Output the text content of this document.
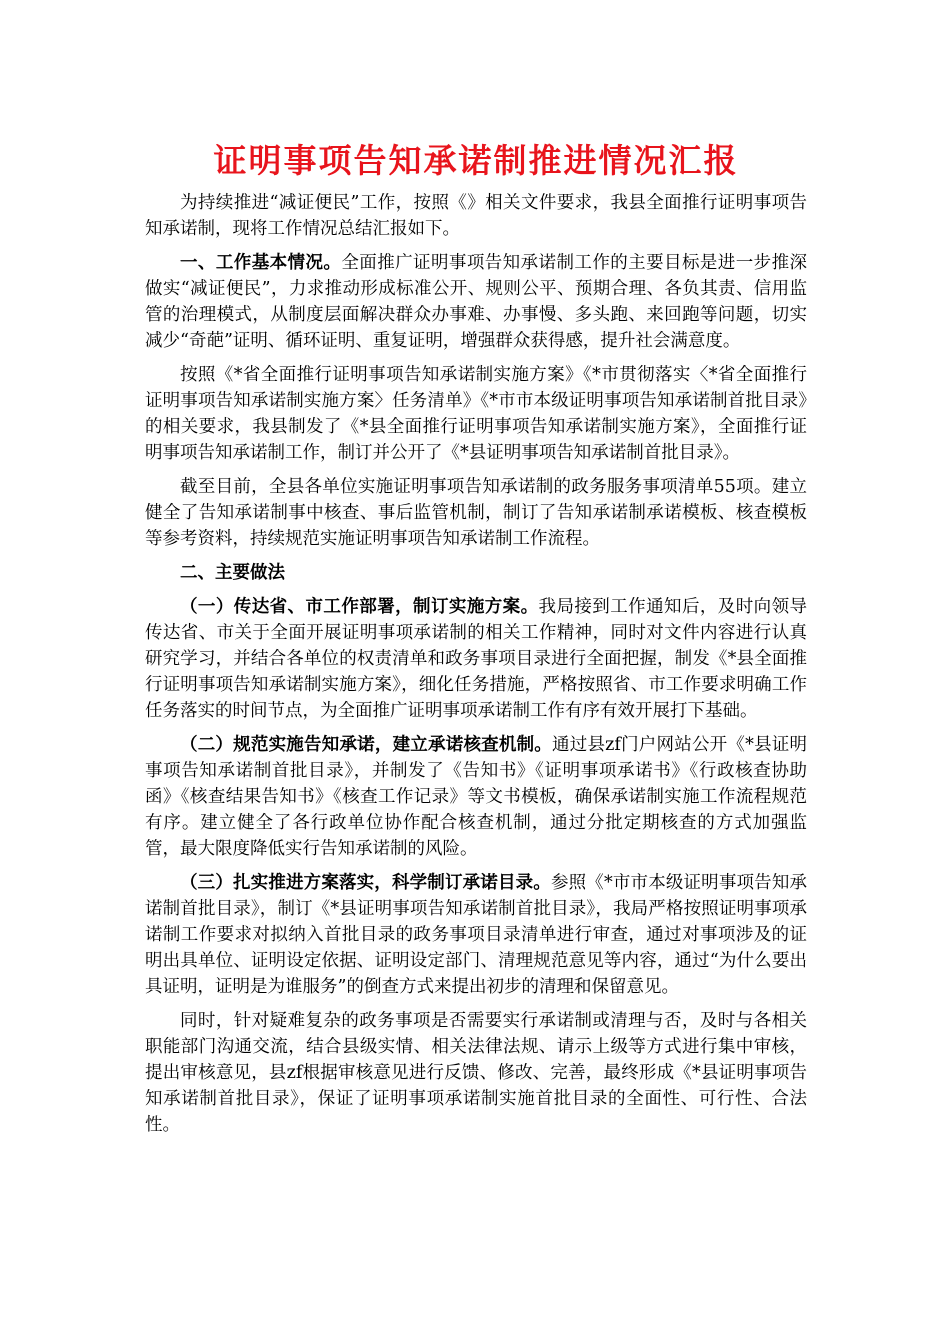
证明事项告知承诺制推进情况汇报

为持续推进“减证便民”工作，按照《》相关文件要求，我县全面推行证明事项告知承诺制，现将工作情况总结汇报如下。

一、工作基本情况。全面推广证明事项告知承诺制工作的主要目标是进一步推深做实“减证便民”，力求推动形成标准公开、规则公平、预期合理、各负其责、信用监管的治理模式，从制度层面解决群众办事难、办事慢、多头跑、来回跑等问题，切实减少“奇葩”证明、循环证明、重复证明，增强群众获得感，提升社会满意度。

按照《*省全面推行证明事项告知承诺制实施方案》《*市贯彻落实〈*省全面推行证明事项告知承诺制实施方案〉任务清单》《*市市本级证明事项告知承诺制首批目录》的相关要求，我县制发了《*县全面推行证明事项告知承诺制实施方案》，全面推行证明事项告知承诺制工作，制订并公开了《*县证明事项告知承诺制首批目录》。

截至目前，全县各单位实施证明事项告知承诺制的政务服务事项清单55项。建立健全了告知承诺制事中核查、事后监管机制，制订了告知承诺制承诺模板、核查模板等参考资料，持续规范实施证明事项告知承诺制工作流程。

二、主要做法

（一）传达省、市工作部署，制订实施方案。我局接到工作通知后，及时向领导传达省、市关于全面开展证明事项承诺制的相关工作精神，同时对文件内容进行认真研究学习，并结合各单位的权责清单和政务事项目录进行全面把握，制发《*县全面推行证明事项告知承诺制实施方案》，细化任务措施，严格按照省、市工作要求明确工作任务落实的时间节点，为全面推广证明事项承诺制工作有序有效开展打下基础。

（二）规范实施告知承诺，建立承诺核查机制。通过县zf门户网站公开《*县证明事项告知承诺制首批目录》，并制发了《告知书》《证明事项承诺书》《行政核查协助函》《核查结果告知书》《核查工作记录》等文书模板，确保承诺制实施工作流程规范有序。建立健全了各行政单位协作配合核查机制，通过分批定期核查的方式加强监管，最大限度降低实行告知承诺制的风险。

（三）扎实推进方案落实，科学制订承诺目录。参照《*市市本级证明事项告知承诺制首批目录》，制订《*县证明事项告知承诺制首批目录》，我局严格按照证明事项承诺制工作要求对拟纳入首批目录的政务事项目录清单进行审查，通过对事项涉及的证明出具单位、证明设定依据、证明设定部门、清理规范意见等内容，通过“为什么要出具证明，证明是为谁服务”的倒查方式来提出初步的清理和保留意见。

同时，针对疑难复杂的政务事项是否需要实行承诺制或清理与否，及时与各相关职能部门沟通交流，结合县级实情、相关法律法规、请示上级等方式进行集中审核，提出审核意见，县zf根据审核意见进行反馈、修改、完善，最终形成《*县证明事项告知承诺制首批目录》，保证了证明事项承诺制实施首批目录的全面性、可行性、合法性。
